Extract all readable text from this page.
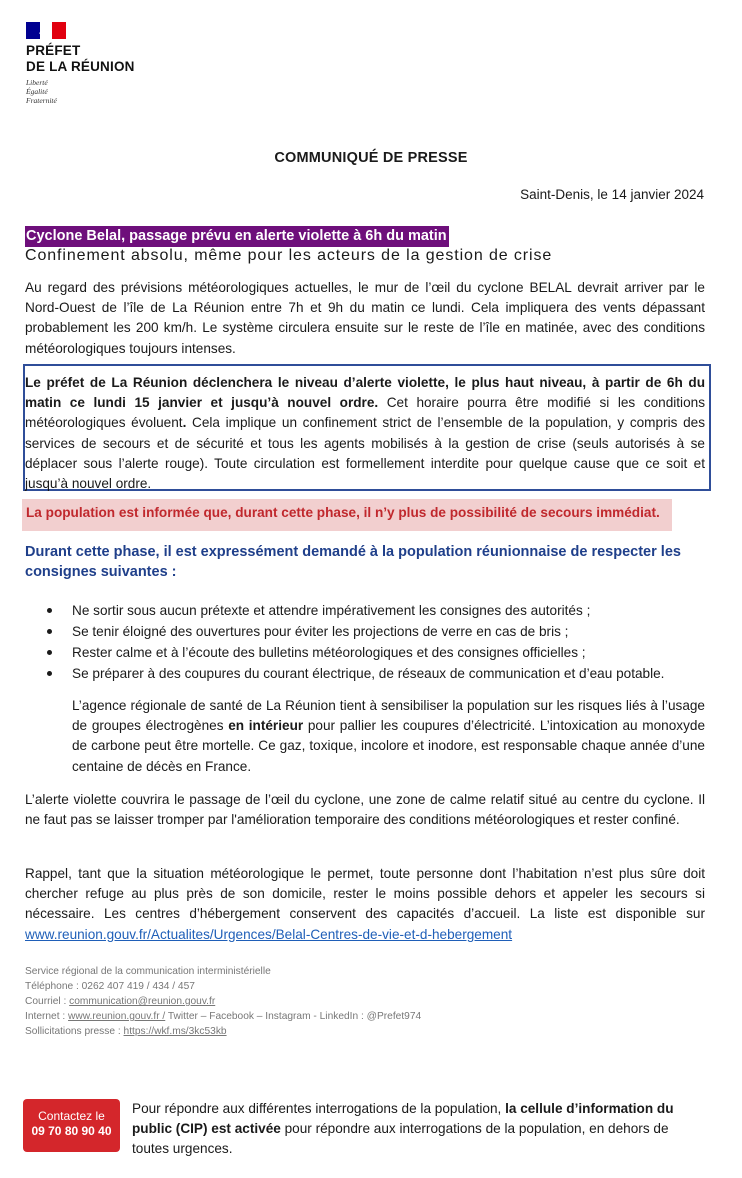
PRÉFET
DE LA RÉUNION
Liberté
Égalité
Fraternité
COMMUNIQUÉ DE PRESSE
Saint-Denis, le 14 janvier 2024
Cyclone Belal, passage prévu en alerte violette à 6h du matin
Confinement absolu, même pour les acteurs de la gestion de crise
Au regard des prévisions météorologiques actuelles, le mur de l’œil du cyclone BELAL devrait arriver par le Nord-Ouest de l’île de La Réunion entre 7h et 9h du matin ce lundi. Cela impliquera des vents dépassant probablement les 200 km/h. Le système circulera ensuite sur le reste de l’île en matinée, avec des conditions météorologiques toujours intenses.
Le préfet de La Réunion déclenchera le niveau d’alerte violette, le plus haut niveau, à partir de 6h du matin ce lundi 15 janvier et jusqu’à nouvel ordre. Cet horaire pourra être modifié si les conditions météorologiques évoluent. Cela implique un confinement strict de l’ensemble de la population, y compris des services de secours et de sécurité et tous les agents mobilisés à la gestion de crise (seuls autorisés à se déplacer sous l’alerte rouge). Toute circulation est formellement interdite pour quelque cause que ce soit et jusqu’à nouvel ordre.
La population est informée que, durant cette phase, il n’y plus de possibilité de secours immédiat.
Durant cette phase, il est expressément demandé à la population réunionnaise de respecter les consignes suivantes :
Ne sortir sous aucun prétexte et attendre impérativement les consignes des autorités ;
Se tenir éloigné des ouvertures pour éviter les projections de verre en cas de bris ;
Rester calme et à l’écoute des bulletins météorologiques et des consignes officielles ;
Se préparer à des coupures du courant électrique, de réseaux de communication et d’eau potable.
L’agence régionale de santé de La Réunion tient à sensibiliser la population sur les risques liés à l’usage de groupes électrogènes en intérieur pour pallier les coupures d’électricité. L’intoxication au monoxyde de carbone peut être mortelle. Ce gaz, toxique, incolore et inodore, est responsable chaque année d’une centaine de décès en France.
L’alerte violette couvrira le passage de l’œil du cyclone, une zone de calme relatif situé au centre du cyclone. Il ne faut pas se laisser tromper par l'amélioration temporaire des conditions météorologiques et rester confiné.
Rappel, tant que la situation météorologique le permet, toute personne dont l’habitation n’est plus sûre doit chercher refuge au plus près de son domicile, rester le moins possible dehors et appeler les secours si nécessaire. Les centres d’hébergement conservent des capacités d’accueil. La liste est disponible sur www.reunion.gouv.fr/Actualites/Urgences/Belal-Centres-de-vie-et-d-hebergement
Service régional de la communication interministérielle
Téléphone : 0262 407 419 / 434 / 457
Courriel : communication@reunion.gouv.fr
Internet : www.reunion.gouv.fr / Twitter – Facebook – Instagram - LinkedIn : @Prefet974
Sollicitations presse : https://wkf.ms/3kc53kb
Contactez le
09 70 80 90 40
Pour répondre aux différentes interrogations de la population, la cellule d’information du public (CIP) est activée pour répondre aux interrogations de la population, en dehors de toutes urgences.
